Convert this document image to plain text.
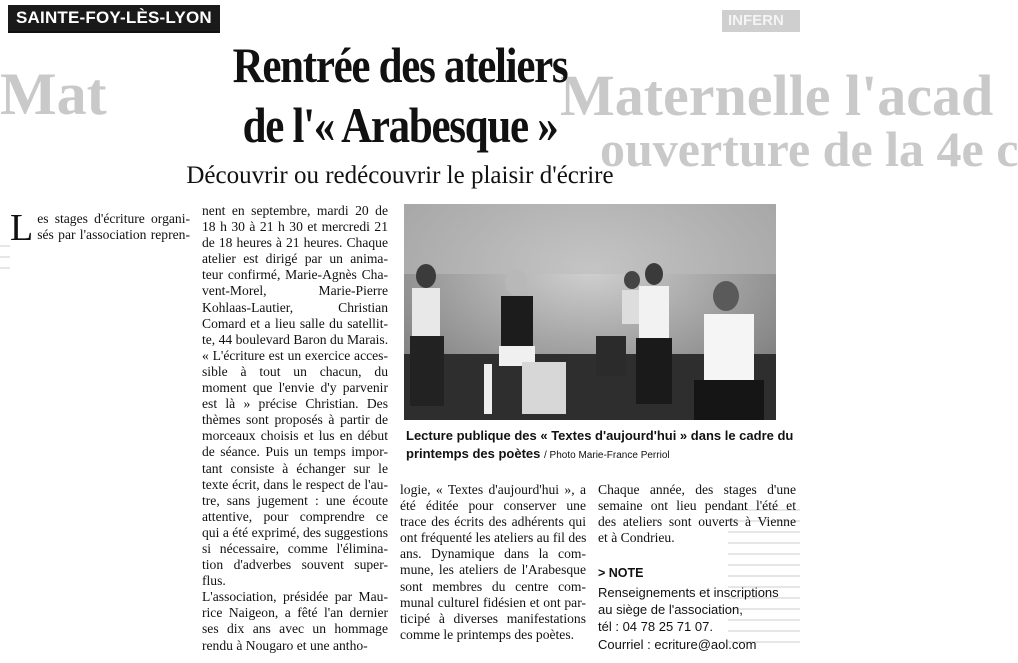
INFERN
Maternelle l'acad
ouverture de la 4e c
Mat
SAINTE-FOY-LÈS-LYON
Rentrée des ateliers
de l'« Arabesque »
Découvrir ou redécouvrir le plaisir d'écrire
L es stages d'écriture organi-
sés par l'association repren-
nent en septembre, mardi 20 de
18 h 30 à 21 h 30 et mercredi 21
de 18 heures à 21 heures. Chaque
atelier est dirigé par un anima-
teur confirmé, Marie-Agnès Cha-
vent-Morel, Marie-Pierre
Kohlaas-Lautier, Christian
Comard et a lieu salle du satellit-
te, 44 boulevard Baron du Marais.
« L'écriture est un exercice acces-
sible à tout un chacun, du
moment que l'envie d'y parvenir
est là » précise Christian. Des
thèmes sont proposés à partir de
morceaux choisis et lus en début
de séance. Puis un temps impor-
tant consiste à échanger sur le
texte écrit, dans le respect de l'au-
tre, sans jugement : une écoute
attentive, pour comprendre ce
qui a été exprimé, des suggestions
si nécessaire, comme l'élimina-
tion d'adverbes souvent super-
flus.
L'association, présidée par Mau-
rice Naigeon, a fêté l'an dernier
ses dix ans avec un hommage
rendu à Nougaro et une antho-
logie, « Textes d'aujourd'hui », a
été éditée pour conserver une
trace des écrits des adhérents qui
ont fréquenté les ateliers au fil des
ans. Dynamique dans la com-
mune, les ateliers de l'Arabesque
sont membres du centre com-
munal culturel fidésien et ont par-
ticipé à diverses manifestations
comme le printemps des poètes.
Chaque année, des stages d'une
semaine ont lieu pendant l'été et
des ateliers sont ouverts à Vienne
et à Condrieu.
Lecture publique des « Textes d'aujourd'hui » dans le cadre du printemps des poètes / Photo Marie-France Perriol
> NOTE
Renseignements et inscriptions
au siège de l'association,
tél : 04 78 25 71 07.
Courriel : ecriture@aol.com
